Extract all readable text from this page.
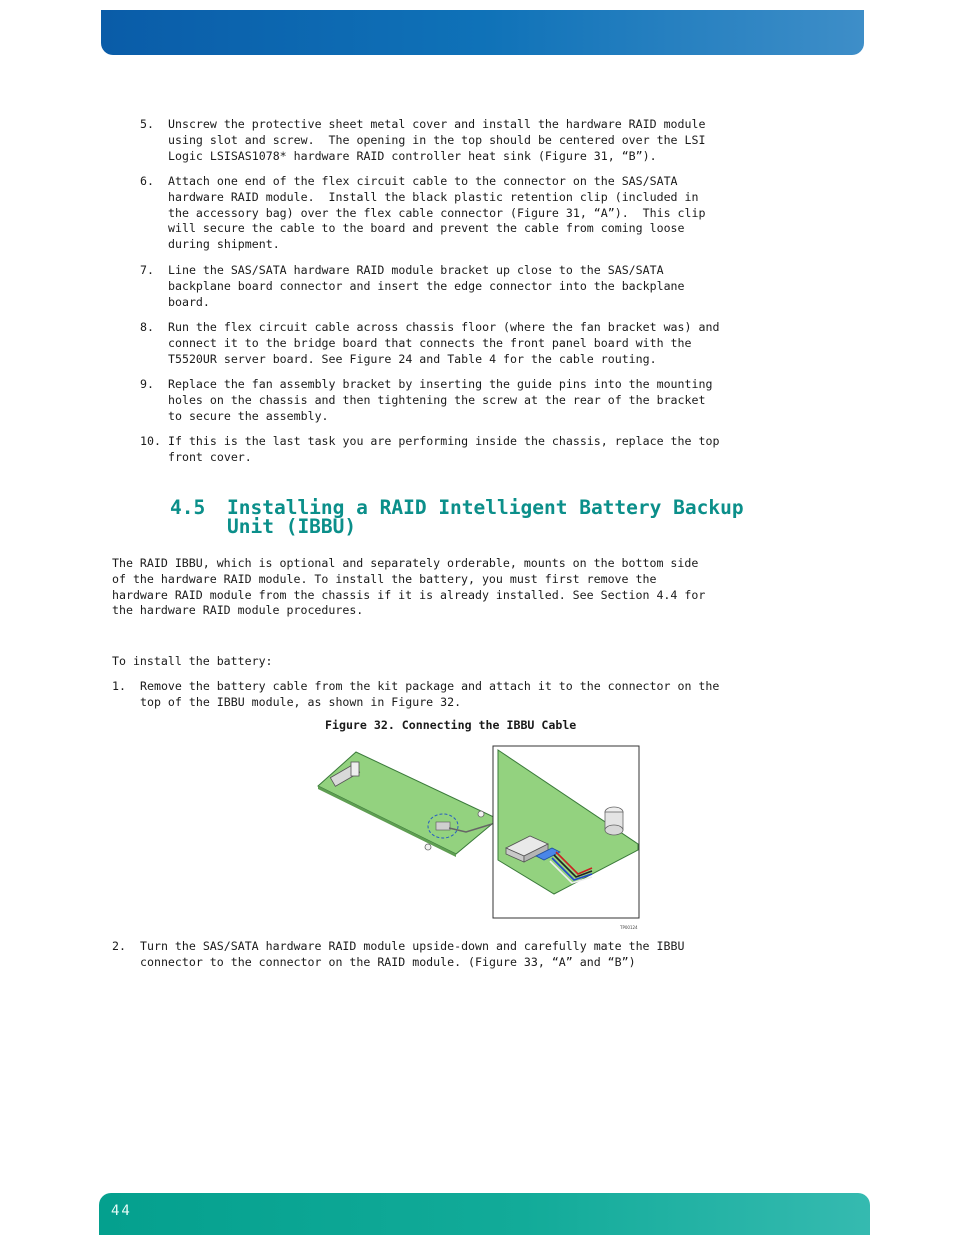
5.

Unscrew the protective sheet metal cover and install the hardware RAID module
using slot and screw.  The opening in the top should be centered over the LSI
Logic LSISAS1078* hardware RAID controller heat sink (Figure 31, “B”).

6.

Attach one end of the flex circuit cable to the connector on the SAS/SATA
hardware RAID module.  Install the black plastic retention clip (included in
the accessory bag) over the flex cable connector (Figure 31, “A”).  This clip
will secure the cable to the board and prevent the cable from coming loose
during shipment.

7.

Line the SAS/SATA hardware RAID module bracket up close to the SAS/SATA
backplane board connector and insert the edge connector into the backplane
board.

8.

Run the flex circuit cable across chassis floor (where the fan bracket was) and
connect it to the bridge board that connects the front panel board with the
T5520UR server board. See Figure 24 and Table 4 for the cable routing.

9.

Replace the fan assembly bracket by inserting the guide pins into the mounting
holes on the chassis and then tightening the screw at the rear of the bracket
to secure the assembly.

10.

If this is the last task you are performing inside the chassis, replace the top
front cover.

4.5

Installing a RAID Intelligent Battery Backup
Unit (IBBU)

The RAID IBBU, which is optional and separately orderable, mounts on the bottom side
of the hardware RAID module. To install the battery, you must first remove the
hardware RAID module from the chassis if it is already installed. See Section 4.4 for
the hardware RAID module procedures.
To install the battery:

1.

Remove the battery cable from the kit package and attach it to the connector on the
top of the IBBU module, as shown in Figure 32.

Figure 32. Connecting the IBBU Cable
TP00124

2.

Turn the SAS/SATA hardware RAID module upside-down and carefully mate the IBBU
connector to the connector on the RAID module. (Figure 33, “A” and “B”)

44
